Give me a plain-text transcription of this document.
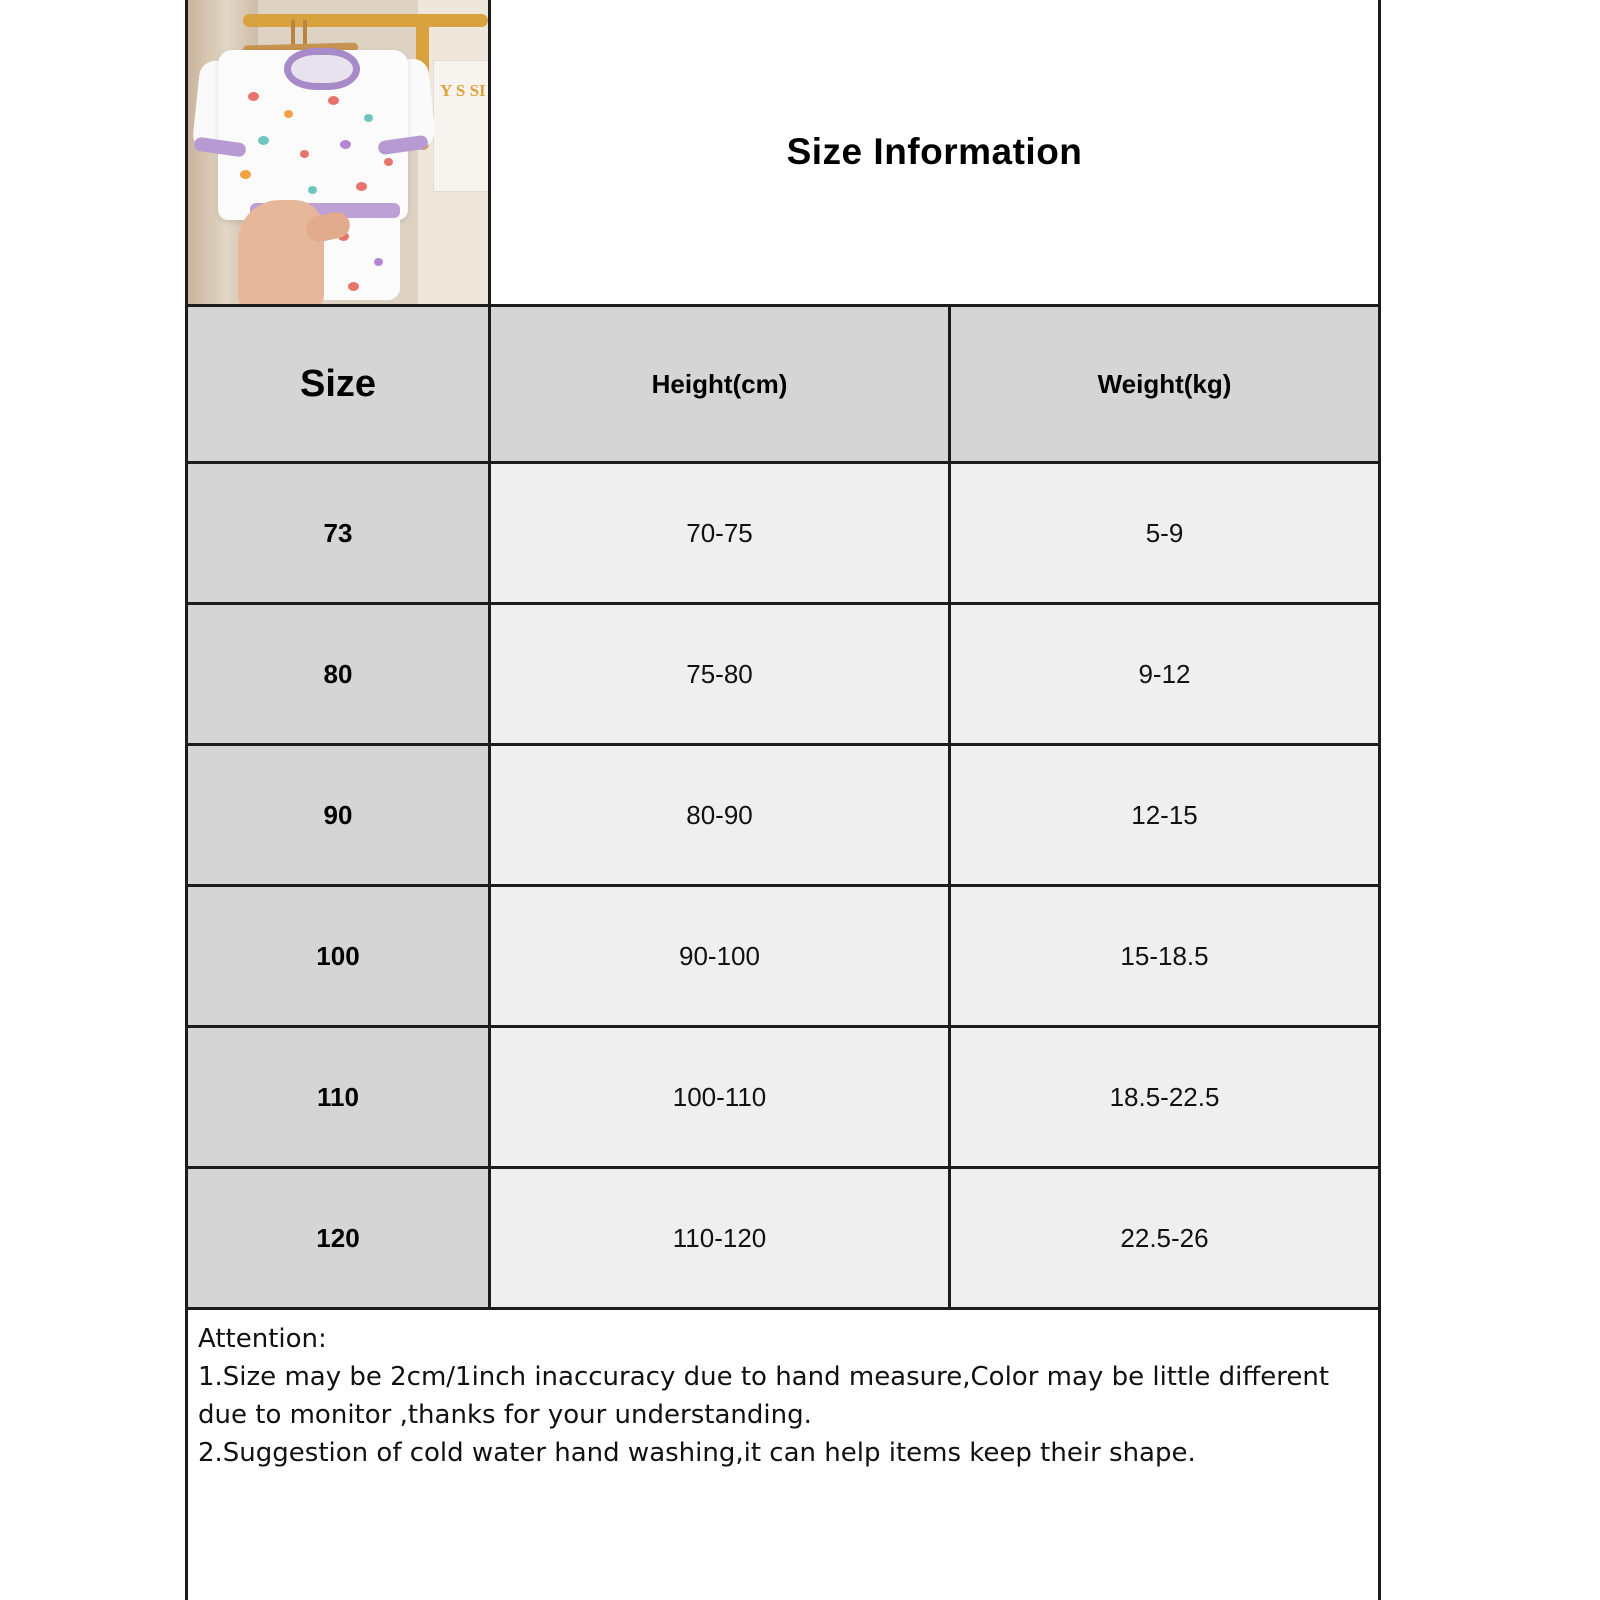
Y S SI
Size Information
Size	Height(cm)	Weight(kg)
73	70-75	5-9
80	75-80	9-12
90	80-90	12-15
100	90-100	15-18.5
110	100-110	18.5-22.5
120	110-120	22.5-26
Attention:
1.Size may be 2cm/1inch inaccuracy due to hand measure,Color may be little different due to monitor ,thanks for your understanding.
2.Suggestion of cold water hand washing,it can help items keep their shape.
